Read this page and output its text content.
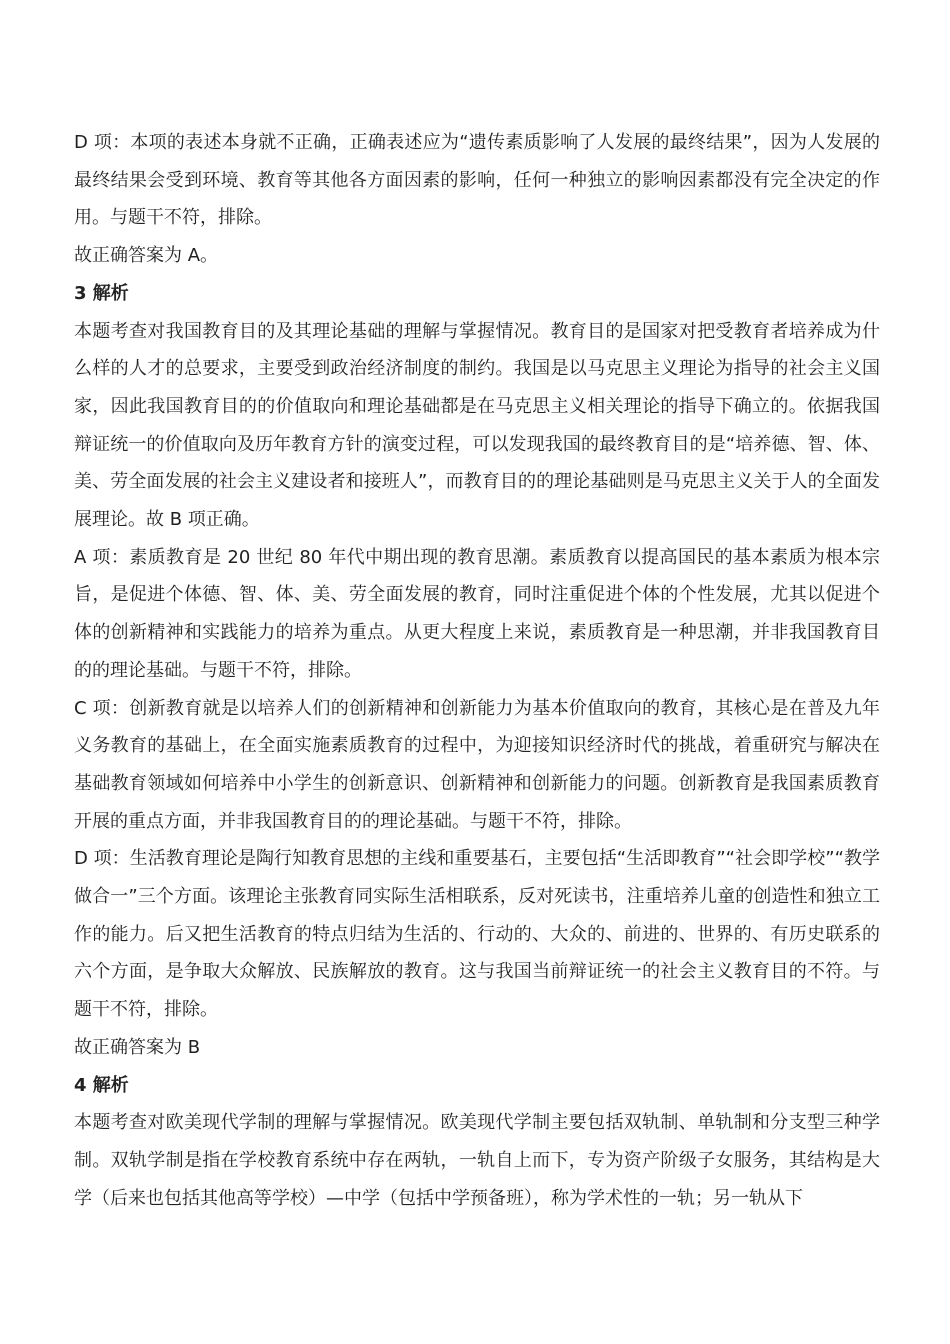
D 项：本项的表述本身就不正确，正确表述应为“遗传素质影响了人发展的最终结果”，因为人发展的最终结果会受到环境、教育等其他各方面因素的影响，任何一种独立的影响因素都没有完全决定的作用。与题干不符，排除。

故正确答案为 A。

3 解析

本题考查对我国教育目的及其理论基础的理解与掌握情况。教育目的是国家对把受教育者培养成为什么样的人才的总要求，主要受到政治经济制度的制约。我国是以马克思主义理论为指导的社会主义国家，因此我国教育目的的价值取向和理论基础都是在马克思主义相关理论的指导下确立的。依据我国辩证统一的价值取向及历年教育方针的演变过程，可以发现我国的最终教育目的是“培养德、智、体、美、劳全面发展的社会主义建设者和接班人”，而教育目的的理论基础则是马克思主义关于人的全面发展理论。故 B 项正确。

A 项：素质教育是 20 世纪 80 年代中期出现的教育思潮。素质教育以提高国民的基本素质为根本宗旨，是促进个体德、智、体、美、劳全面发展的教育，同时注重促进个体的个性发展，尤其以促进个体的创新精神和实践能力的培养为重点。从更大程度上来说，素质教育是一种思潮，并非我国教育目的的理论基础。与题干不符，排除。

C 项：创新教育就是以培养人们的创新精神和创新能力为基本价值取向的教育，其核心是在普及九年义务教育的基础上，在全面实施素质教育的过程中，为迎接知识经济时代的挑战，着重研究与解决在基础教育领域如何培养中小学生的创新意识、创新精神和创新能力的问题。创新教育是我国素质教育开展的重点方面，并非我国教育目的的理论基础。与题干不符，排除。

D 项：生活教育理论是陶行知教育思想的主线和重要基石，主要包括“生活即教育”“社会即学校”“教学做合一”三个方面。该理论主张教育同实际生活相联系，反对死读书，注重培养儿童的创造性和独立工作的能力。后又把生活教育的特点归结为生活的、行动的、大众的、前进的、世界的、有历史联系的六个方面，是争取大众解放、民族解放的教育。这与我国当前辩证统一的社会主义教育目的不符。与题干不符，排除。

故正确答案为 B

4 解析

本题考查对欧美现代学制的理解与掌握情况。欧美现代学制主要包括双轨制、单轨制和分支型三种学制。双轨学制是指在学校教育系统中存在两轨，一轨自上而下，专为资产阶级子女服务，其结构是大学（后来也包括其他高等学校）—中学（包括中学预备班），称为学术性的一轨；另一轨从下
